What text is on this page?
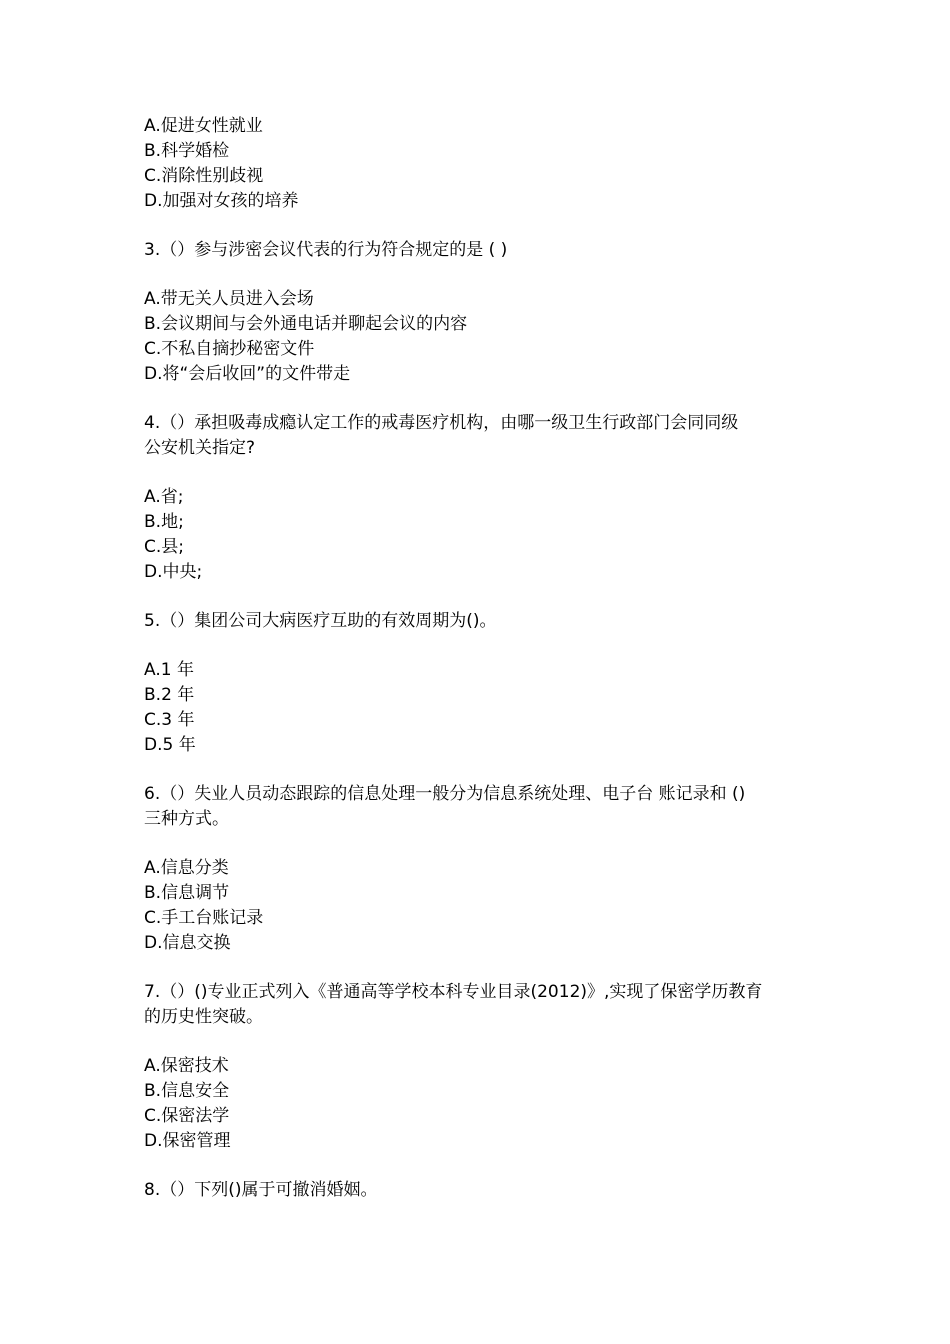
A.促进女性就业
B.科学婚检
C.消除性别歧视
D.加强对女孩的培养
3.（）参与涉密会议代表的行为符合规定的是 ( )
A.带无关人员进入会场
B.会议期间与会外通电话并聊起会议的内容
C.不私自摘抄秘密文件
D.将“会后收回”的文件带走
4.（）承担吸毒成瘾认定工作的戒毒医疗机构，由哪一级卫生行政部门会同同级
公安机关指定?
A.省;
B.地;
C.县;
D.中央;
5.（）集团公司大病医疗互助的有效周期为()。
A.1 年
B.2 年
C.3 年
D.5 年
6.（）失业人员动态跟踪的信息处理一般分为信息系统处理、电子台 账记录和 ()
三种方式。
A.信息分类
B.信息调节
C.手工台账记录
D.信息交换
7.（）()专业正式列入《普通高等学校本科专业目录(2012)》,实现了保密学历教育
的历史性突破。
A.保密技术
B.信息安全
C.保密法学
D.保密管理
8.（）下列()属于可撤消婚姻。
